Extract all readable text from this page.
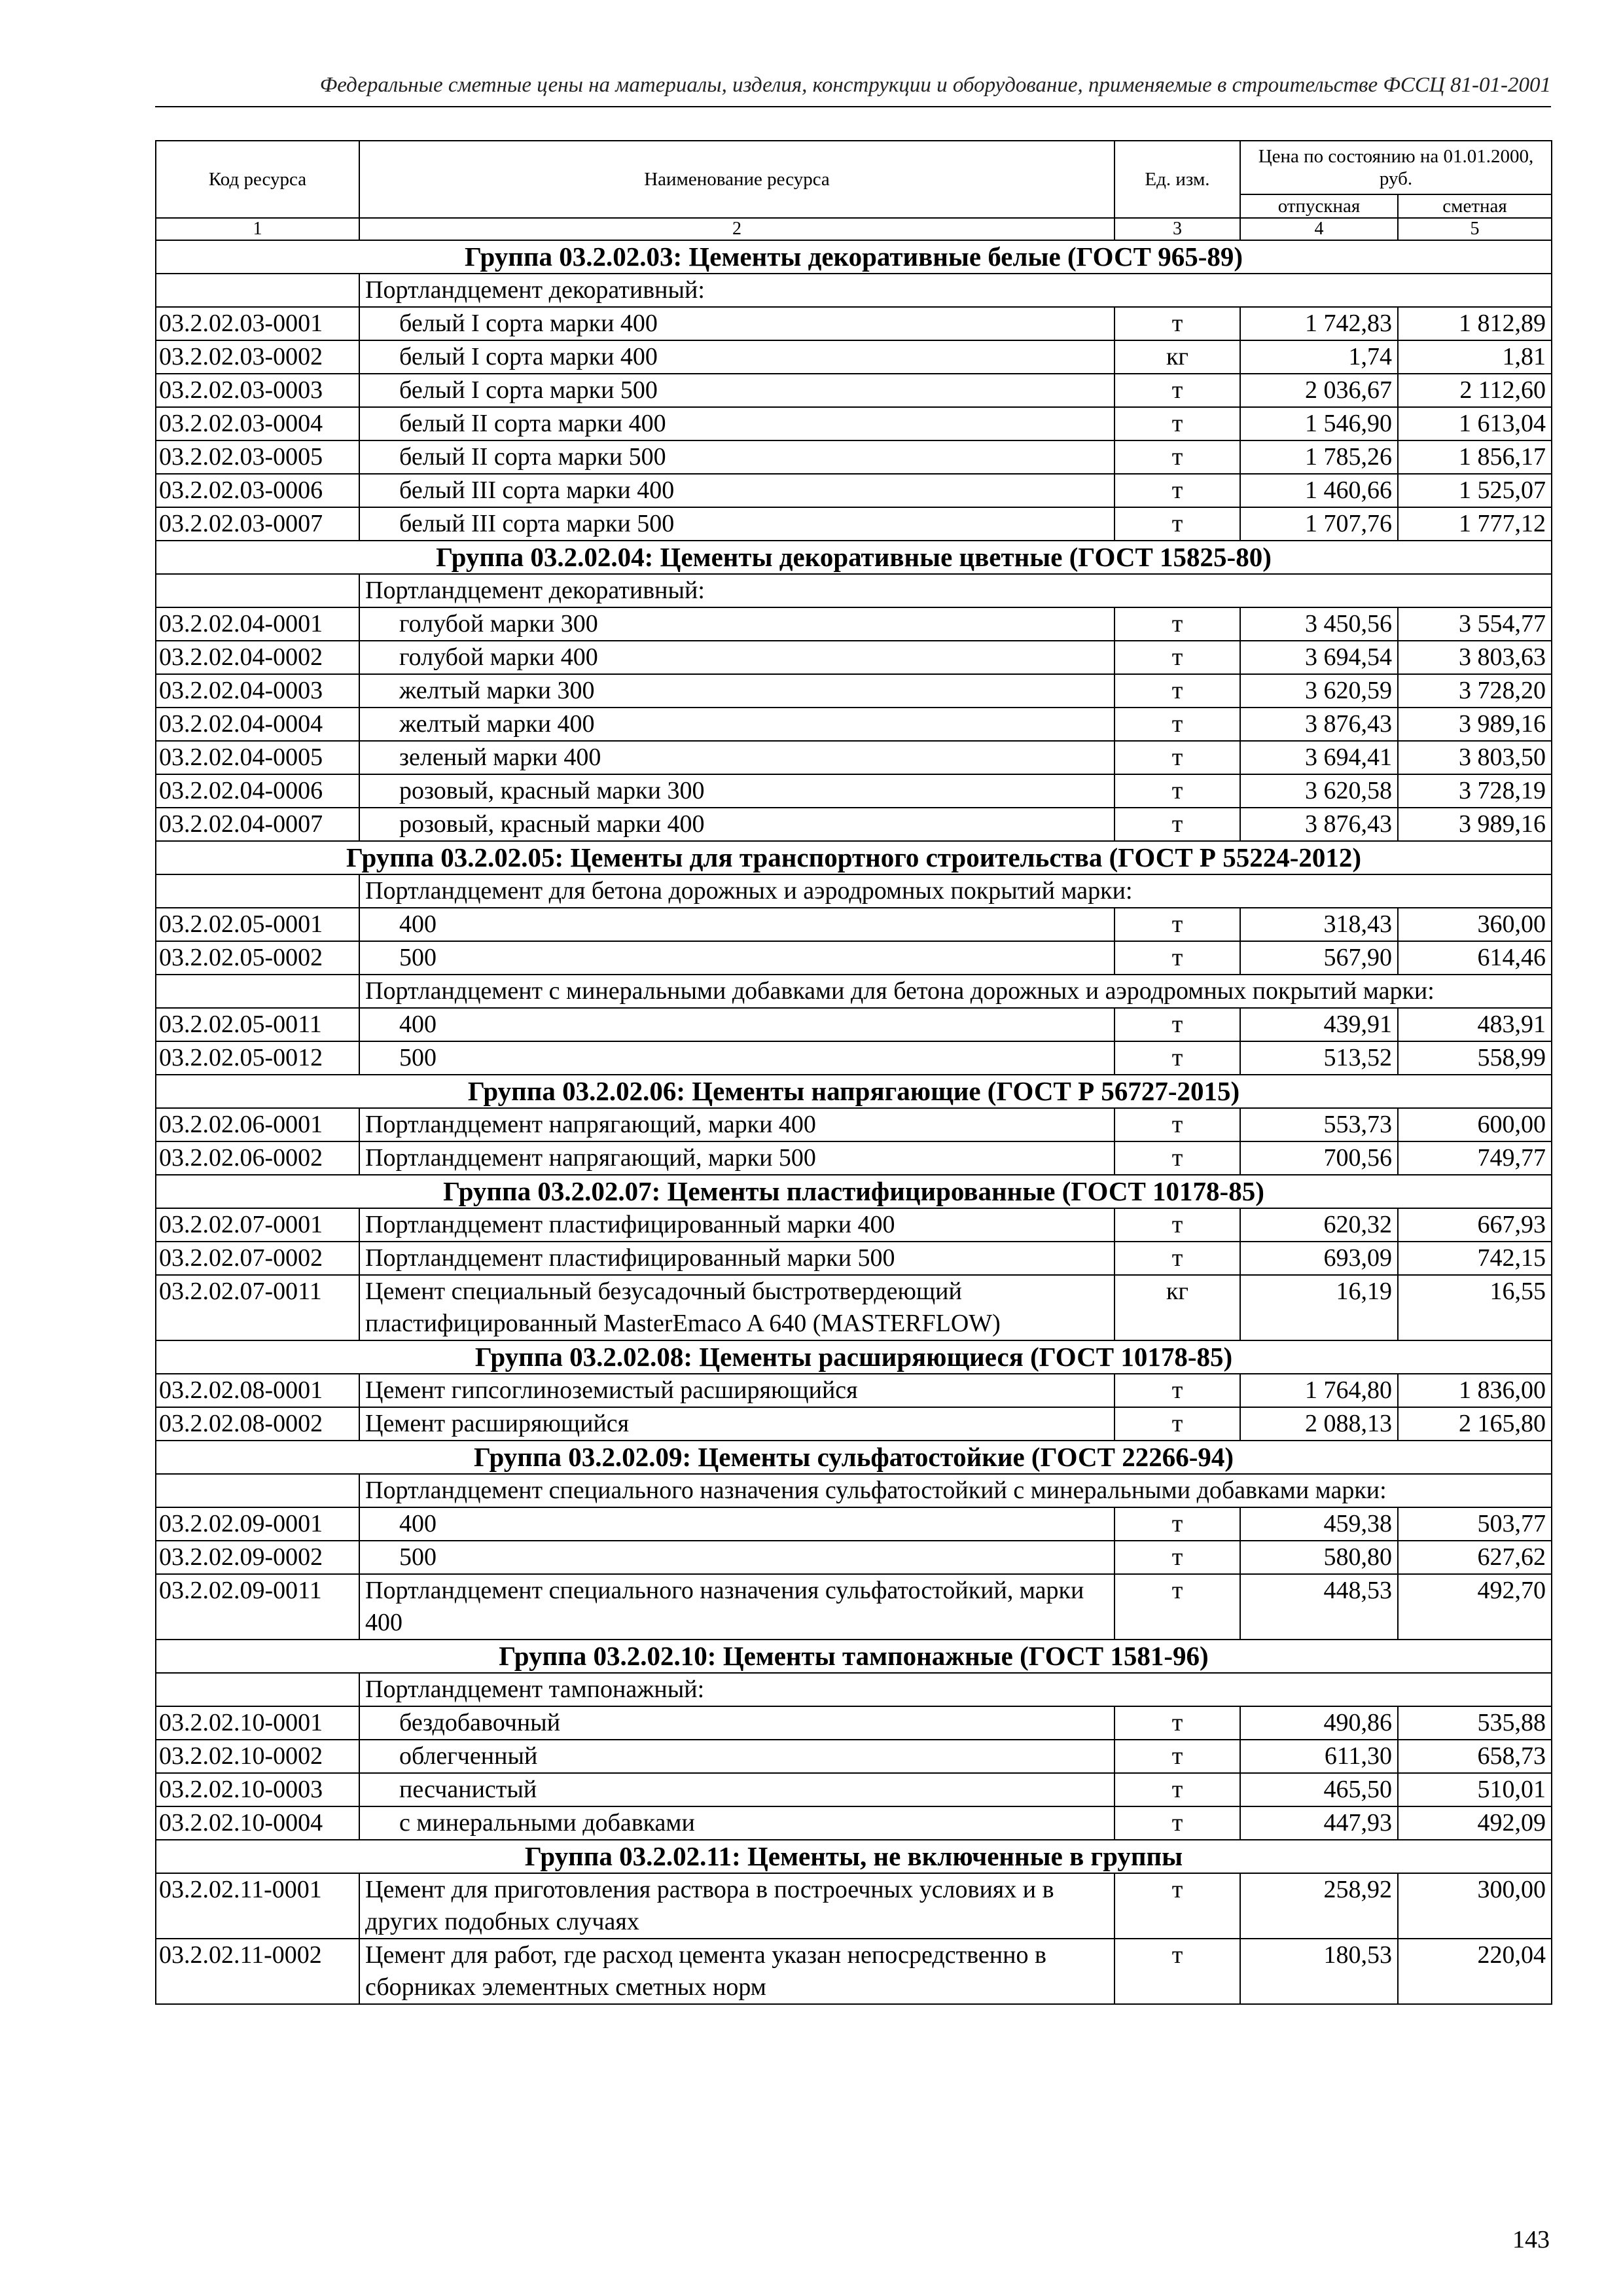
Федеральные сметные цены на материалы, изделия, конструкции и оборудование, применяемые в строительстве ФССЦ 81-01-2001
Код ресурса	Наименование ресурса	Ед. изм.	Цена по состоянию на 01.01.2000, руб.	
			отпускная	сметная
1	2	3	4	5
Группа 03.2.02.03: Цементы декоративные белые (ГОСТ 965-89)				
	Портландцемент декоративный:			
03.2.02.03-0001	белый I сорта марки 400	т	1 742,83	1 812,89
03.2.02.03-0002	белый I сорта марки 400	кг	1,74	1,81
03.2.02.03-0003	белый I сорта марки 500	т	2 036,67	2 112,60
03.2.02.03-0004	белый II сорта марки 400	т	1 546,90	1 613,04
03.2.02.03-0005	белый II сорта марки 500	т	1 785,26	1 856,17
03.2.02.03-0006	белый III сорта марки 400	т	1 460,66	1 525,07
03.2.02.03-0007	белый III сорта марки 500	т	1 707,76	1 777,12
Группа 03.2.02.04: Цементы декоративные цветные (ГОСТ 15825-80)				
	Портландцемент декоративный:			
03.2.02.04-0001	голубой марки 300	т	3 450,56	3 554,77
03.2.02.04-0002	голубой марки 400	т	3 694,54	3 803,63
03.2.02.04-0003	желтый марки 300	т	3 620,59	3 728,20
03.2.02.04-0004	желтый марки 400	т	3 876,43	3 989,16
03.2.02.04-0005	зеленый марки 400	т	3 694,41	3 803,50
03.2.02.04-0006	розовый, красный марки 300	т	3 620,58	3 728,19
03.2.02.04-0007	розовый, красный марки 400	т	3 876,43	3 989,16
Группа 03.2.02.05: Цементы для транспортного строительства (ГОСТ Р 55224-2012)				
	Портландцемент для бетона дорожных и аэродромных покрытий марки:			
03.2.02.05-0001	400	т	318,43	360,00
03.2.02.05-0002	500	т	567,90	614,46
	Портландцемент с минеральными добавками для бетона дорожных и аэродромных покрытий марки:			
03.2.02.05-0011	400	т	439,91	483,91
03.2.02.05-0012	500	т	513,52	558,99
Группа 03.2.02.06: Цементы напрягающие (ГОСТ Р 56727-2015)				
03.2.02.06-0001	Портландцемент напрягающий, марки 400	т	553,73	600,00
03.2.02.06-0002	Портландцемент напрягающий, марки 500	т	700,56	749,77
Группа 03.2.02.07: Цементы пластифицированные (ГОСТ 10178-85)				
03.2.02.07-0001	Портландцемент пластифицированный марки 400	т	620,32	667,93
03.2.02.07-0002	Портландцемент пластифицированный марки 500	т	693,09	742,15
03.2.02.07-0011	Цемент специальный безусадочный быстротвердеющий пластифицированный MasterEmaco A 640 (MASTERFLOW)	кг	16,19	16,55
Группа 03.2.02.08: Цементы расширяющиеся (ГОСТ 10178-85)				
03.2.02.08-0001	Цемент гипсоглиноземистый расширяющийся	т	1 764,80	1 836,00
03.2.02.08-0002	Цемент расширяющийся	т	2 088,13	2 165,80
Группа 03.2.02.09: Цементы сульфатостойкие (ГОСТ 22266-94)				
	Портландцемент специального назначения сульфатостойкий с минеральными добавками марки:			
03.2.02.09-0001	400	т	459,38	503,77
03.2.02.09-0002	500	т	580,80	627,62
03.2.02.09-0011	Портландцемент специального назначения сульфатостойкий, марки 400	т	448,53	492,70
Группа 03.2.02.10: Цементы тампонажные (ГОСТ 1581-96)				
	Портландцемент тампонажный:			
03.2.02.10-0001	бездобавочный	т	490,86	535,88
03.2.02.10-0002	облегченный	т	611,30	658,73
03.2.02.10-0003	песчанистый	т	465,50	510,01
03.2.02.10-0004	с минеральными добавками	т	447,93	492,09
Группа 03.2.02.11: Цементы, не включенные в группы				
03.2.02.11-0001	Цемент для приготовления раствора в построечных условиях и в других подобных случаях	т	258,92	300,00
03.2.02.11-0002	Цемент для работ, где расход цемента указан непосредственно в сборниках элементных сметных норм	т	180,53	220,04
143
